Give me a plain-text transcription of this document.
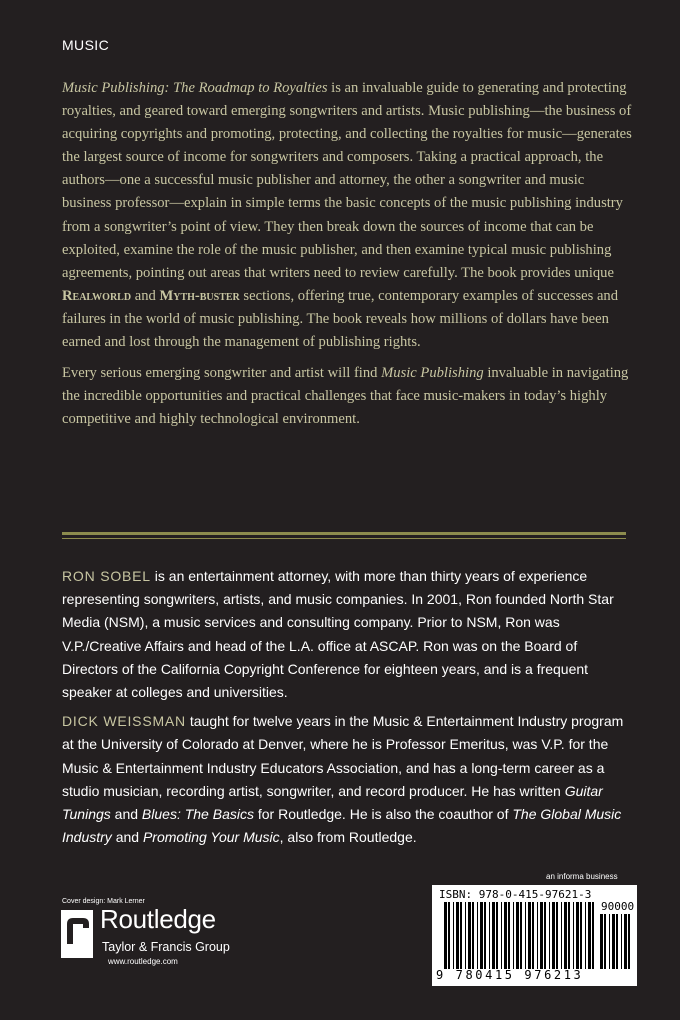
MUSIC

Music Publishing: The Roadmap to Royalties is an invaluable guide to generating and protecting royalties, and geared toward emerging songwriters and artists. Music publishing—the business of acquiring copyrights and promoting, protecting, and collecting the royalties for music—generates the largest source of income for songwriters and composers. Taking a practical approach, the authors—one a successful music publisher and attorney, the other a songwriter and music business professor—explain in simple terms the basic concepts of the music publishing industry from a songwriter’s point of view. They then break down the sources of income that can be exploited, examine the role of the music publisher, and then examine typical music publishing agreements, pointing out areas that writers need to review carefully. The book provides unique Realworld and Myth-buster sections, offering true, contemporary examples of successes and failures in the world of music publishing. The book reveals how millions of dollars have been earned and lost through the management of publishing rights.

Every serious emerging songwriter and artist will find Music Publishing invaluable in navigating the incredible opportunities and practical challenges that face music-makers in today’s highly competitive and highly technological environment.

RON SOBEL is an entertainment attorney, with more than thirty years of experience representing songwriters, artists, and music companies. In 2001, Ron founded North Star Media (NSM), a music services and consulting company. Prior to NSM, Ron was V.P./Creative Affairs and head of the L.A. office at ASCAP. Ron was on the Board of Directors of the California Copyright Conference for eighteen years, and is a frequent speaker at colleges and universities.

DICK WEISSMAN taught for twelve years in the Music & Entertainment Industry program at the University of Colorado at Denver, where he is Professor Emeritus, was V.P. for the Music & Entertainment Industry Educators Association, and has a long-term career as a studio musician, recording artist, songwriter, and record producer. He has written Guitar Tunings and Blues: The Basics for Routledge. He is also the coauthor of The Global Music Industry and Promoting Your Music, also from Routledge.

an informa business
Cover design: Mark Lerner
Routledge
Taylor & Francis Group
www.routledge.com
ISBN: 978-0-415-97621-3
90000
9 780415 976213
